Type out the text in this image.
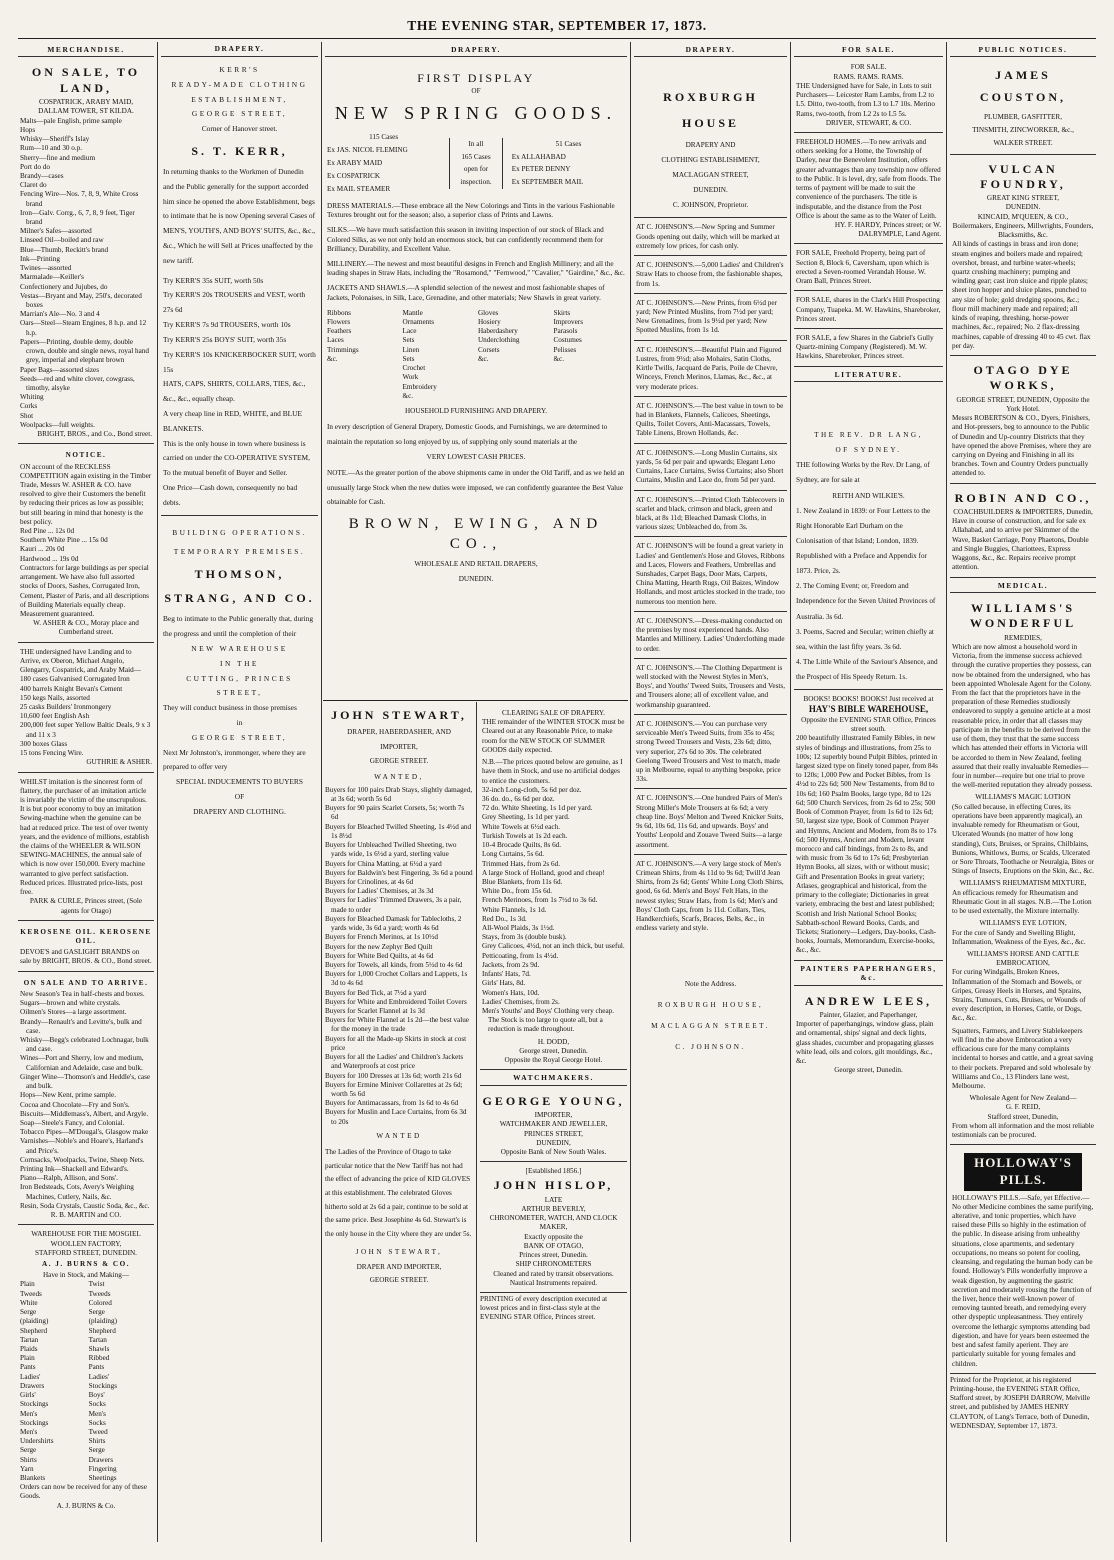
THE EVENING STAR, SEPTEMBER 17, 1873.
MERCHANDISE.
ON SALE, TO LAND,
COSPATRICK, ARABY MAID,
DALLAM TOWER, ST KILDA.
Malts—pale English, prime sample
Hops
Whisky—Sheriff's Islay
Rum—10 and 30 o.p.
Sherry—fine and medium
Port do do
Brandy—cases
Claret do
Fencing Wire—Nos. 7, 8, 9, White Cross brand
Iron—Galv. Corrg., 6, 7, 8, 9 feet, Tiger brand
Milner's Safes—assorted
Linseed Oil—boiled and raw
Blue—Thumb, Reckitt's brand
Ink—Printing
Twines—assorted
Marmalade—Keiller's
Confectionery and Jujubes, do
Vestas—Bryant and May, 250's, decorated boxes
Marrian's Ale—No. 3 and 4
Oars—Steel—Steam Engines, 8 h.p. and 12 h.p.
Papers—Printing, double demy, double crown, double and single news, royal hand grey, imperial and elephant brown
Paper Bags—assorted sizes
Seeds—red and white clover, cowgrass, timothy, alsyke
Whiting
Corks
Shot
Woolpacks—full weights.
BRIGHT, BROS., and Co., Bond street.
NOTICE.

ON account of the RECKLESS COMPETITION again existing in the Timber Trade, Messrs W. ASHER & CO. have resolved to give their Customers the benefit by reducing their prices as low as possible; but still bearing in mind that honesty is the best policy.

Red Pine ... 12s 0d
Southern White Pine ... 15s 0d
Kauri ... 20s 0d
Hardwood ... 19s 0d

Contractors for large buildings as per special arrangement. We have also full assorted stocks of Doors, Sashes, Corrugated Iron, Cement, Plaster of Paris, and all descriptions of Building Materials equally cheap. Measurement guaranteed.

W. ASHER & CO., Moray place and Cumberland street.

THE undersigned have Landing and to Arrive, ex Oberon, Michael Angelo, Glengarry, Cospatrick, and Araby Maid—

180 cases Galvanised Corrugated Iron
400 barrels Knight Bevan's Cement
150 kegs Nails, assorted
25 casks Builders' Ironmongery
10,600 feet English Ash
200,000 feet super Yellow Baltic Deals, 9 x 3 and 11 x 3
300 boxes Glass
15 tons Fencing Wire.
GUTHRIE & ASHER.

WHILST imitation is the sincerest form of flattery, the purchaser of an imitation article is invariably the victim of the unscrupulous. It is but poor economy to buy an imitation Sewing-machine when the genuine can be had at reduced price. The test of over twenty years, and the evidence of millions, establish the claims of the WHEELER & WILSON SEWING-MACHINES, the annual sale of which is now over 150,000. Every machine warranted to give perfect satisfaction. Reduced prices. Illustrated price-lists, post free.

PARK & CURLE, Princes street, (Sole agents for Otago)
KEROSENE OIL. KEROSENE OIL.

DEVOE'S and GASLIGHT BRANDS on sale by BRIGHT, BROS. & CO., Bond street.

ON SALE AND TO ARRIVE.
New Season's Tea in half-chests and boxes.
Sugars—brown and white crystals.
Oilmen's Stores—a large assortment.
Brandy—Renault's and Levitte's, bulk and case.
Whisky—Begg's celebrated Lochnagar, bulk and case.
Wines—Port and Sherry, low and medium, Californian and Adelaide, case and bulk.
Ginger Wine—Thomson's and Heddle's, case and bulk.
Hops—New Kent, prime sample.
Cocoa and Chocolate—Fry and Son's.
Biscuits—Middlemass's, Albert, and Argyle.
Soap—Steele's Fancy, and Colonial.
Tobacco Pipes—M'Dougal's, Glasgow make
Varnishes—Noble's and Hoare's, Harland's and Price's.
Cornsacks, Woolpacks, Twine, Sheep Nets.
Printing Ink—Shackell and Edward's.
Piano—Ralph, Allison, and Sons'.
Iron Bedsteads, Cots, Avery's Weighing Machines, Cutlery, Nails, &c.
Resin, Soda Crystals, Caustic Soda, &c., &c.
R. B. MARTIN and CO.
WAREHOUSE FOR THE MOSGIEL WOOLLEN FACTORY,
STAFFORD STREET, DUNEDIN.
A. J. BURNS & CO.
Have in Stock, and Making—
Plain Tweeds
White Serge (plaiding)
Shepherd Tartan Plaids
Plain Pants
Ladies' Drawers
Girls' Stockings
Men's Stockings
Men's Undershirts
Serge Shirts
Yarn
Blankets
Twist Tweeds
Colored Serge (plaiding)
Shepherd Tartan Shawls
Ribbed Pants
Ladies' Stockings
Boys' Socks
Men's Socks
Tweed Shirts
Serge Drawers
Fingering
Sheetings

Orders can now be received for any of these Goods.

A. J. BURNS & Co.
DRAPERY.
KERR'S
READY-MADE CLOTHING
ESTABLISHMENT,
GEORGE STREET,
Corner of Hanover street.
S. T. KERR,

In returning thanks to the Workmen of Dunedin and the Public generally for the support accorded him since he opened the above Establishment, begs to intimate that he is now Opening several Cases of MEN'S, YOUTH'S, AND BOYS' SUITS, &c., &c., &c., Which he will Sell at Prices unaffected by the new tariff.

Try KERR'S 35s SUIT, worth 50s

Try KERR'S 20s TROUSERS and VEST, worth 27s 6d

Try KERR'S 7s 9d TROUSERS, worth 10s

Try KERR'S 25s BOYS' SUIT, worth 35s

Try KERR'S 10s KNICKERBOCKER SUIT, worth 15s

HATS, CAPS, SHIRTS, COLLARS, TIES, &c., &c., &c., equally cheap.

A very cheap line in RED, WHITE, and BLUE BLANKETS.

This is the only house in town where business is carried on under the CO-OPERATIVE SYSTEM, To the mutual benefit of Buyer and Seller.

One Price—Cash down, consequently no bad debts.

BUILDING OPERATIONS.
TEMPORARY PREMISES.
THOMSON, STRANG, AND CO.

Beg to intimate to the Public generally that, during the progress and until the completion of their

NEW WAREHOUSE
IN THE
CUTTING, PRINCES STREET,

They will conduct business in those premises

in
GEORGE STREET,

Next Mr Johnston's, ironmonger, where they are prepared to offer very

SPECIAL INDUCEMENTS TO BUYERS
OF
DRAPERY AND CLOTHING.
DRAPERY.
FIRST DISPLAY
OF
NEW SPRING GOODS.
115 Cases
Ex JAS. NICOL FLEMING
Ex ARABY MAID
Ex COSPATRICK
Ex MAIL STEAMER
In all
165 Cases
open for
inspection.
51 Cases
Ex ALLAHABAD
Ex PETER DENNY
Ex SEPTEMBER MAIL

DRESS MATERIALS.—These embrace all the New Colorings and Tints in the various Fashionable Textures brought out for the season; also, a superior class of Prints and Lawns.

SILKS.—We have much satisfaction this season in inviting inspection of our stock of Black and Colored Silks, as we not only hold an enormous stock, but can confidently recommend them for Brilliancy, Durability, and Excellent Value.

MILLINERY.—The newest and most beautiful designs in French and English Millinery; and all the leading shapes in Straw Hats, including the "Rosamond," "Fernwood," "Cavalier," "Gairdine," &c., &c.

JACKETS AND SHAWLS.—A splendid selection of the newest and most fashionable shapes of Jackets, Polonaises, in Silk, Lace, Grenadine, and other materials; New Shawls in great variety.

Ribbons
Flowers
Feathers
Laces
Trimmings
&c.
Mantle Ornaments
Lace Sets
Linen Sets
Crochet Work
Embroidery
&c.
Gloves
Hosiery
Haberdashery
Underclothing
Corsets
&c.
Skirts
Improvers
Parasols
Costumes
Pelisses
&c.
HOUSEHOLD FURNISHING AND DRAPERY.

In every description of General Drapery, Domestic Goods, and Furnishings, we are determined to maintain the reputation so long enjoyed by us, of supplying only sound materials at the

VERY LOWEST CASH PRICES.

NOTE.—As the greater portion of the above shipments came in under the Old Tariff, and as we held an unusually large Stock when the new duties were imposed, we can confidently guarantee the Best Value obtainable for Cash.

BROWN, EWING, AND CO.,
WHOLESALE AND RETAIL DRAPERS,
DUNEDIN.
JOHN STEWART,
DRAPER, HABERDASHER, AND
IMPORTER,
GEORGE STREET.
WANTED,
Buyers for 100 pairs Drab Stays, slightly damaged, at 3s 6d; worth 5s 6d
Buyers for 90 pairs Scarlet Corsets, 5s; worth 7s 6d
Buyers for Bleached Twilled Sheeting, 1s 4½d and 1s 8½d
Buyers for Unbleached Twilled Sheeting, two yards wide, 1s 6½d a yard, sterling value
Buyers for China Matting, at 6½d a yard
Buyers for Baldwin's best Fingering, 3s 6d a pound
Buyers for Crinolines, at 4s 6d
Buyers for Ladies' Chemises, at 3s 3d
Buyers for Ladies' Trimmed Drawers, 3s a pair, made to order
Buyers for Bleached Damask for Tablecloths, 2 yards wide, 3s 6d a yard; worth 4s 6d
Buyers for French Merinos, at 1s 10½d
Buyers for the new Zephyr Bed Quilt
Buyers for White Bed Quilts, at 4s 6d
Buyers for Towels, all kinds, from 5½d to 4s 6d
Buyers for 1,000 Crochet Collars and Lappets, 1s 3d to 4s 6d
Buyers for Bed Tick, at 7½d a yard
Buyers for White and Embroidered Toilet Covers
Buyers for Scarlet Flannel at 1s 3d
Buyers for White Flannel at 1s 2d—the best value for the money in the trade
Buyers for all the Made-up Skirts in stock at cost price
Buyers for all the Ladies' and Children's Jackets and Waterproofs at cost price
Buyers for 100 Dresses at 13s 6d; worth 21s 6d
Buyers for Ermine Miniver Collarettes at 2s 6d; worth 5s 6d
Buyers for Antimacassars, from 1s 6d to 4s 6d
Buyers for Muslin and Lace Curtains, from 6s 3d to 20s
WANTED

The Ladies of the Province of Otago to take particular notice that the New Tariff has not had the effect of advancing the price of KID GLOVES at this establishment. The celebrated Gloves hitherto sold at 2s 6d a pair, continue to be sold at the same price. Best Josephine 4s 6d. Stewart's is the only house in the City where they are under 5s.

JOHN STEWART,
DRAPER AND IMPORTER,
GEORGE STREET.
CLEARING SALE OF DRAPERY.

THE remainder of the WINTER STOCK must be Cleared out at any Reasonable Price, to make room for the NEW STOCK OF SUMMER GOODS daily expected.

N.B.—The prices quoted below are genuine, as I have them in Stock, and use no artificial dodges to entice the customers.

32-inch Long-cloth, 5s 6d per doz.
36 do. do., 6s 6d per doz.
72 do. White Sheeting, 1s 1d per yard.
Grey Sheeting, 1s 1d per yard.
White Towels at 6½d each.
Turkish Towels at 1s 2d each.
10-4 Brocade Quilts, 8s 6d.
Long Curtains, 5s 6d.
Trimmed Hats, from 2s 6d.
A large Stock of Holland, good and cheap!
Blue Blankets, from 11s 6d.
White Do., from 15s 6d.
French Merinoes, from 1s 7½d to 3s 6d.
White Flannels, 1s 1d.
Red Do., 1s 3d.
All-Wool Plaids, 3s 1½d.
Stays, from 3s (double busk).
Grey Calicoes, 4½d, not an inch thick, but useful.
Petticoating, from 1s 4½d.
Jackets, from 2s 9d.
Infants' Hats, 7d.
Girls' Hats, 8d.
Women's Hats, 10d.
Ladies' Chemises, from 2s.
Men's Youths' and Boys' Clothing very cheap. The Stock is too large to quote all, but a reduction is made throughout.
H. DODD,
George street, Dunedin.
Opposite the Royal George Hotel.
WATCHMAKERS.
GEORGE YOUNG,
IMPORTER,
WATCHMAKER AND JEWELLER,
PRINCES STREET,
DUNEDIN,
Opposite Bank of New South Wales.
[Established 1856.]
JOHN HISLOP,
LATE
ARTHUR BEVERLY,
CHRONOMETER, WATCH, AND CLOCK MAKER,
Exactly opposite the
BANK OF OTAGO,
Princes street, Dunedin.
SHIP CHRONOMETERS
Cleaned and rated by transit observations. Nautical Instruments repaired.

PRINTING of every description executed at lowest prices and in first-class style at the EVENING STAR Office, Princes street.

DRAPERY.
ROXBURGH HOUSE
DRAPERY AND
CLOTHING ESTABLISHMENT,
MACLAGGAN STREET,
DUNEDIN.
C. JOHNSON, Proprietor.

AT C. JOHNSON'S.—New Spring and Summer Goods opening out daily, which will be marked at extremely low prices, for cash only.

AT C. JOHNSON'S.—5,000 Ladies' and Children's Straw Hats to choose from, the fashionable shapes, from 1s.

AT C. JOHNSON'S.—New Prints, from 6½d per yard; New Printed Muslins, from 7½d per yard; New Grenadines, from 1s 9½d per yard; New Spotted Muslins, from 1s 1d.

AT C. JOHNSON'S.—Beautiful Plain and Figured Lustres, from 9½d; also Mohairs, Satin Cloths, Kirtle Twills, Jacquard de Paris, Poile de Chevre, Winceys, French Merinos, Llamas, &c., &c., at very moderate prices.

AT C. JOHNSON'S.—The best value in town to be had in Blankets, Flannels, Calicoes, Sheetings, Quilts, Toilet Covers, Anti-Macassars, Towels, Table Linens, Brown Hollands, &c.

AT C. JOHNSON'S.—Long Muslin Curtains, six yards, 5s 6d per pair and upwards; Elegant Leno Curtains, Lace Curtains, Swiss Curtains; also Short Curtains, Muslin and Lace do, from 5d per yard.

AT C. JOHNSON'S.—Printed Cloth Tablecovers in scarlet and black, crimson and black, green and black, at 8s 11d; Bleached Damask Cloths, in various sizes; Unbleached do, from 3s.

AT C. JOHNSON'S will be found a great variety in Ladies' and Gentlemen's Hose and Gloves, Ribbons and Laces, Flowers and Feathers, Umbrellas and Sunshades, Carpet Bags, Door Mats, Carpets, China Matting, Hearth Rugs, Oil Baizes, Window Hollands, and most articles stocked in the trade, too numerous too mention here.

AT C. JOHNSON'S.—Dress-making conducted on the premises by most experienced hands. Also Mantles and Millinery. Ladies' Underclothing made to order.

AT C. JOHNSON'S.—The Clothing Department is well stocked with the Newest Styles in Men's, Boys', and Youths' Tweed Suits, Trousers and Vests, and Trousers alone; all of excellent value, and workmanship guaranteed.

AT C. JOHNSON'S.—You can purchase very serviceable Men's Tweed Suits, from 35s to 45s; strong Tweed Trousers and Vests, 23s 6d; ditto, very superior, 27s 6d to 30s. The celebrated Geelong Tweed Trousers and Vest to match, made up in Melbourne, equal to anything bespoke, price 33s.

AT C. JOHNSON'S.—One hundred Pairs of Men's Strong Miller's Mole Trousers at 6s 6d; a very cheap line. Boys' Melton and Tweed Knicker Suits, 9s 6d, 10s 6d, 11s 6d, and upwards. Boys' and Youths' Leopold and Zouave Tweed Suits—a large assortment.

AT C. JOHNSON'S.—A very large stock of Men's Crimean Shirts, from 4s 11d to 9s 6d; Twill'd Jean Shirts, from 2s 6d; Gents' White Long Cloth Shirts, good, 6s 6d. Men's and Boys' Felt Hats, in the newest styles; Straw Hats, from 1s 6d; Men's and Boys' Cloth Caps, from 1s 11d. Collars, Ties, Handkerchiefs, Scarfs, Braces, Belts, &c., in endless variety and style.

Note the Address.
ROXBURGH HOUSE,
MACLAGGAN STREET.
C. JOHNSON.
FOR SALE.
FOR SALE.
RAMS. RAMS. RAMS.

THE Undersigned have for Sale, in Lots to suit Purchasers— Leicester Ram Lambs, from L2 to L5. Ditto, two-tooth, from L3 to L7 10s. Merino Rams, two-tooth, from L2 2s to L5 5s.

DRIVER, STEWART, & CO.

FREEHOLD HOMES.—To new arrivals and others seeking for a Home, the Township of Darley, near the Benevolent Institution, offers greater advantages than any township now offered to the Public. It is level, dry, safe from floods. The terms of payment will be made to suit the convenience of the purchasers. The title is indisputable, and the distance from the Post Office is about the same as to the Water of Leith.

HY. F. HARDY, Princes street; or W. DALRYMPLE, Land Agent.

FOR SALE, Freehold Property, being part of Section 8, Block 6, Caversham, upon which is erected a Seven-roomed Verandah House. W. Oram Ball, Princes Street.

FOR SALE, shares in the Clark's Hill Prospecting Company, Tuapeka. M. W. Hawkins, Sharebroker, Princes street.

FOR SALE, a few Shares in the Gabriel's Gully Quartz-mining Company (Registered). M. W. Hawkins, Sharebroker, Princes street.

LITERATURE.
THE REV. DR LANG,
OF SYDNEY.

THE following Works by the Rev. Dr Lang, of Sydney, are for sale at

REITH AND WILKIE'S.

1. New Zealand in 1839: or Four Letters to the Right Honorable Earl Durham on the Colonisation of that Island; London, 1839. Republished with a Preface and Appendix for 1873. Price, 2s.

2. The Coming Event; or, Freedom and Independence for the Seven United Provinces of Australia. 3s 6d.

3. Poems, Sacred and Secular; written chiefly at sea, within the last fifty years. 3s 6d.

4. The Little While of the Saviour's Absence, and the Prospect of His Speedy Return. 1s.

BOOKS! BOOKS! BOOKS! Just received at
HAY'S BIBLE WAREHOUSE,
Opposite the EVENING STAR Office, Princes street south.

200 beautifully illustrated Family Bibles, in new styles of bindings and illustrations, from 25s to 100s; 12 superbly bound Pulpit Bibles, printed in largest sized type on finely toned paper, from 84s to 120s; 1,000 Pew and Pocket Bibles, from 1s 4½d to 22s 6d; 500 New Testaments, from 8d to 10s 6d; 160 Psalm Books, large type, 8d to 12s 6d; 500 Church Services, from 2s 6d to 25s; 500 Book of Common Prayer, from 1s 6d to 12s 6d; 50, largest size type, Book of Common Prayer and Hymns, Ancient and Modern, from 8s to 17s 6d; 500 Hymns, Ancient and Modern, levant morocco and calf bindings, from 2s to 8s, and with music from 3s 6d to 17s 6d; Presbyterian Hymn Books, all sizes, with or without music; Gift and Presentation Books in great variety; Atlases, geographical and historical, from the primary to the collegiate; Dictionaries in great variety, embracing the best and latest published; Scottish and Irish National School Books; Sabbath-school Reward Books, Cards, and Tickets; Stationery—Ledgers, Day-books, Cash-books, Journals, Memorandum, Exercise-books, &c., &c.

PAINTERS PAPERHANGERS, &c.
ANDREW LEES,
Painter, Glazier, and Paperhanger,

Importer of paperhangings, window glass, plain and ornamental, ships' signal and deck lights, glass shades, cucumber and propagating glasses white lead, oils and colors, gilt mouldings, &c., &c.

George street, Dunedin.
PUBLIC NOTICES.
JAMES COUSTON,
PLUMBER, GASFITTER,
TINSMITH, ZINCWORKER, &c.,
WALKER STREET.
VULCAN FOUNDRY,
GREAT KING STREET,
DUNEDIN.
KINCAID, M'QUEEN, & CO.,
Boilermakers, Engineers, Millwrights, Founders, Blacksmiths, &c.

All kinds of castings in brass and iron done; steam engines and boilers made and repaired; overshot, breast, and turbine water-wheels; quartz crushing machinery; pumping and winding gear; cast iron sluice and ripple plates; sheet iron hopper and sluice plates, punched to any size of hole; gold dredging spoons, &c.; flour mill machinery made and repaired; all kinds of reaping, threshing, horse-power machines, &c., repaired; No. 2 flax-dressing machines, capable of dressing 40 to 45 cwt. flax per day.

OTAGO DYE WORKS,
GEORGE STREET, DUNEDIN, Opposite the York Hotel.

Messrs ROBERTSON & CO., Dyers, Finishers, and Hot-pressers, beg to announce to the Public of Dunedin and Up-country Districts that they have opened the above Premises, where they are carrying on Dyeing and Finishing in all its branches. Town and Country Orders punctually attended to.

ROBIN AND CO.,
COACHBUILDERS & IMPORTERS, Dunedin,

Have in course of construction, and for sale ex Allahabad, and to arrive per Skimmer of the Wave, Basket Carriage, Pony Phaetons, Double and Single Buggies, Chariottees, Express Waggons, &c., &c. Repairs receive prompt attention.

MEDICAL.
WILLIAMS'S WONDERFUL
REMEDIES,

Which are now almost a household word in Victoria, from the immense success achieved through the curative properties they possess, can now be obtained from the undersigned, who has been appointed Wholesale Agent for the Colony. From the fact that the proprietors have in the preparation of these Remedies studiously endeavored to supply a genuine article at a most reasonable price, in order that all classes may participate in the benefits to be derived from the use of them, they trust that the same success which has attended their efforts in Victoria will be accorded to them in New Zealand, feeling assured that their really invaluable Remedies—four in number—require but one trial to prove the well-merited reputation they already possess.

WILLIAMS'S MAGIC LOTION

(So called because, in effecting Cures, its operations have been apparently magical), an invaluable remedy for Rheumatism or Gout, Ulcerated Wounds (no matter of how long standing), Cuts, Bruises, or Sprains, Chilblains, Bunions, Whitlows, Burns, or Scalds, Ulcerated or Sore Throats, Toothache or Neuralgia, Bites or Stings of Insects, Eruptions on the Skin, &c., &c.

WILLIAMS'S RHEUMATISM MIXTURE,

An efficacious remedy for Rheumatism and Rheumatic Gout in all stages. N.B.—The Lotion to be used externally, the Mixture internally.

WILLIAMS'S EYE LOTION,

For the cure of Sandy and Swelling Blight, Inflammation, Weakness of the Eyes, &c., &c.

WILLIAMS'S HORSE AND CATTLE EMBROCATION,

For curing Windgalls, Broken Knees, Inflammation of the Stomach and Bowels, or Gripes, Greasy Heels in Horses, and Sprains, Strains, Tumours, Cuts, Bruises, or Wounds of every description, in Horses, Cattle, or Dogs, &c., &c.

Squatters, Farmers, and Livery Stablekeepers will find in the above Embrocation a very efficacious cure for the many complaints incidental to horses and cattle, and a great saving to their pockets. Prepared and sold wholesale by Williams and Co., 13 Flinders lane west, Melbourne.

Wholesale Agent for New Zealand—
G. F. REID,
Stafford street, Dunedin,

From whom all information and the most reliable testimonials can be procured.

HOLLOWAY'S PILLS.

HOLLOWAY'S PILLS.—Safe, yet Effective.—No other Medicine combines the same purifying, alterative, and tonic properties, which have raised these Pills so highly in the estimation of the public. In disease arising from unhealthy situations, close apartments, and sedentary occupations, no means so potent for cooling, cleansing, and regulating the human body can be found. Holloway's Pills wonderfully improve a weak digestion, by augmenting the gastric secretion and moderately rousing the function of the liver, hence their well-known power of removing taunted breath, and remedying every other dyspeptic unpleasantness. They entirely overcome the lethargic symptoms attending bad digestion, and have for years been esteemed the best and safest family aperient. They are particularly suitable for young females and children.

Printed for the Proprietor, at his registered Printing-house, the EVENING STAR Office, Stafford street, by JOSEPH DARROW, Melville street, and published by JAMES HENRY CLAYTON, of Lang's Terrace, both of Dunedin, WEDNESDAY, September 17, 1873.
